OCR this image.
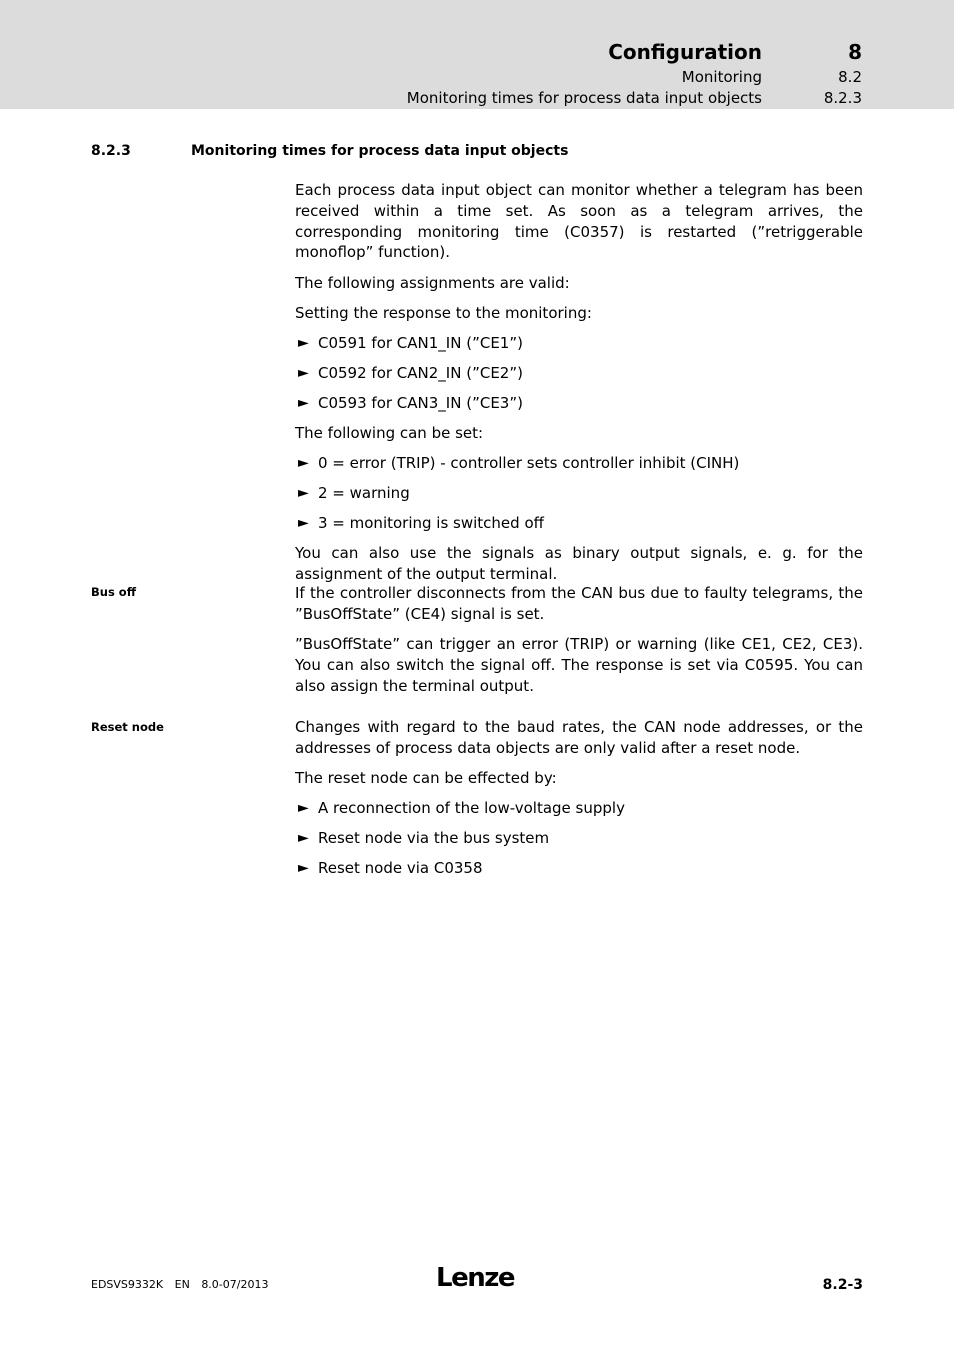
Configuration	8
Monitoring	8.2
Monitoring times for process data input objects	8.2.3
8.2.3	Monitoring times for process data input objects

Each process data input object can monitor whether a telegram has been received within a time set. As soon as a telegram arrives, the corresponding monitoring time (C0357) is restarted (”retriggerable monoflop” function).

The following assignments are valid:

Setting the response to the monitoring:

► C0591 for CAN1_IN (”CE1”)
► C0592 for CAN2_IN (”CE2”)
► C0593 for CAN3_IN (”CE3”)

The following can be set:

► 0 = error (TRIP) - controller sets controller inhibit (CINH)
► 2 = warning
► 3 = monitoring is switched off

You can also use the signals as binary output signals, e. g. for the assignment of the output terminal.

Bus off	If the controller disconnects from the CAN bus due to faulty telegrams, the ”BusOffState” (CE4) signal is set.

”BusOffState” can trigger an error (TRIP) or warning (like CE1, CE2, CE3). You can also switch the signal off. The response is set via C0595. You can also assign the terminal output.

Reset node	Changes with regard to the baud rates, the CAN node addresses, or the addresses of process data objects are only valid after a reset node.

The reset node can be effected by:

► A reconnection of the low-voltage supply
► Reset node via the bus system
► Reset node via C0358
EDSVS9332K EN 8.0-07/2013	Lenze	8.2-3
